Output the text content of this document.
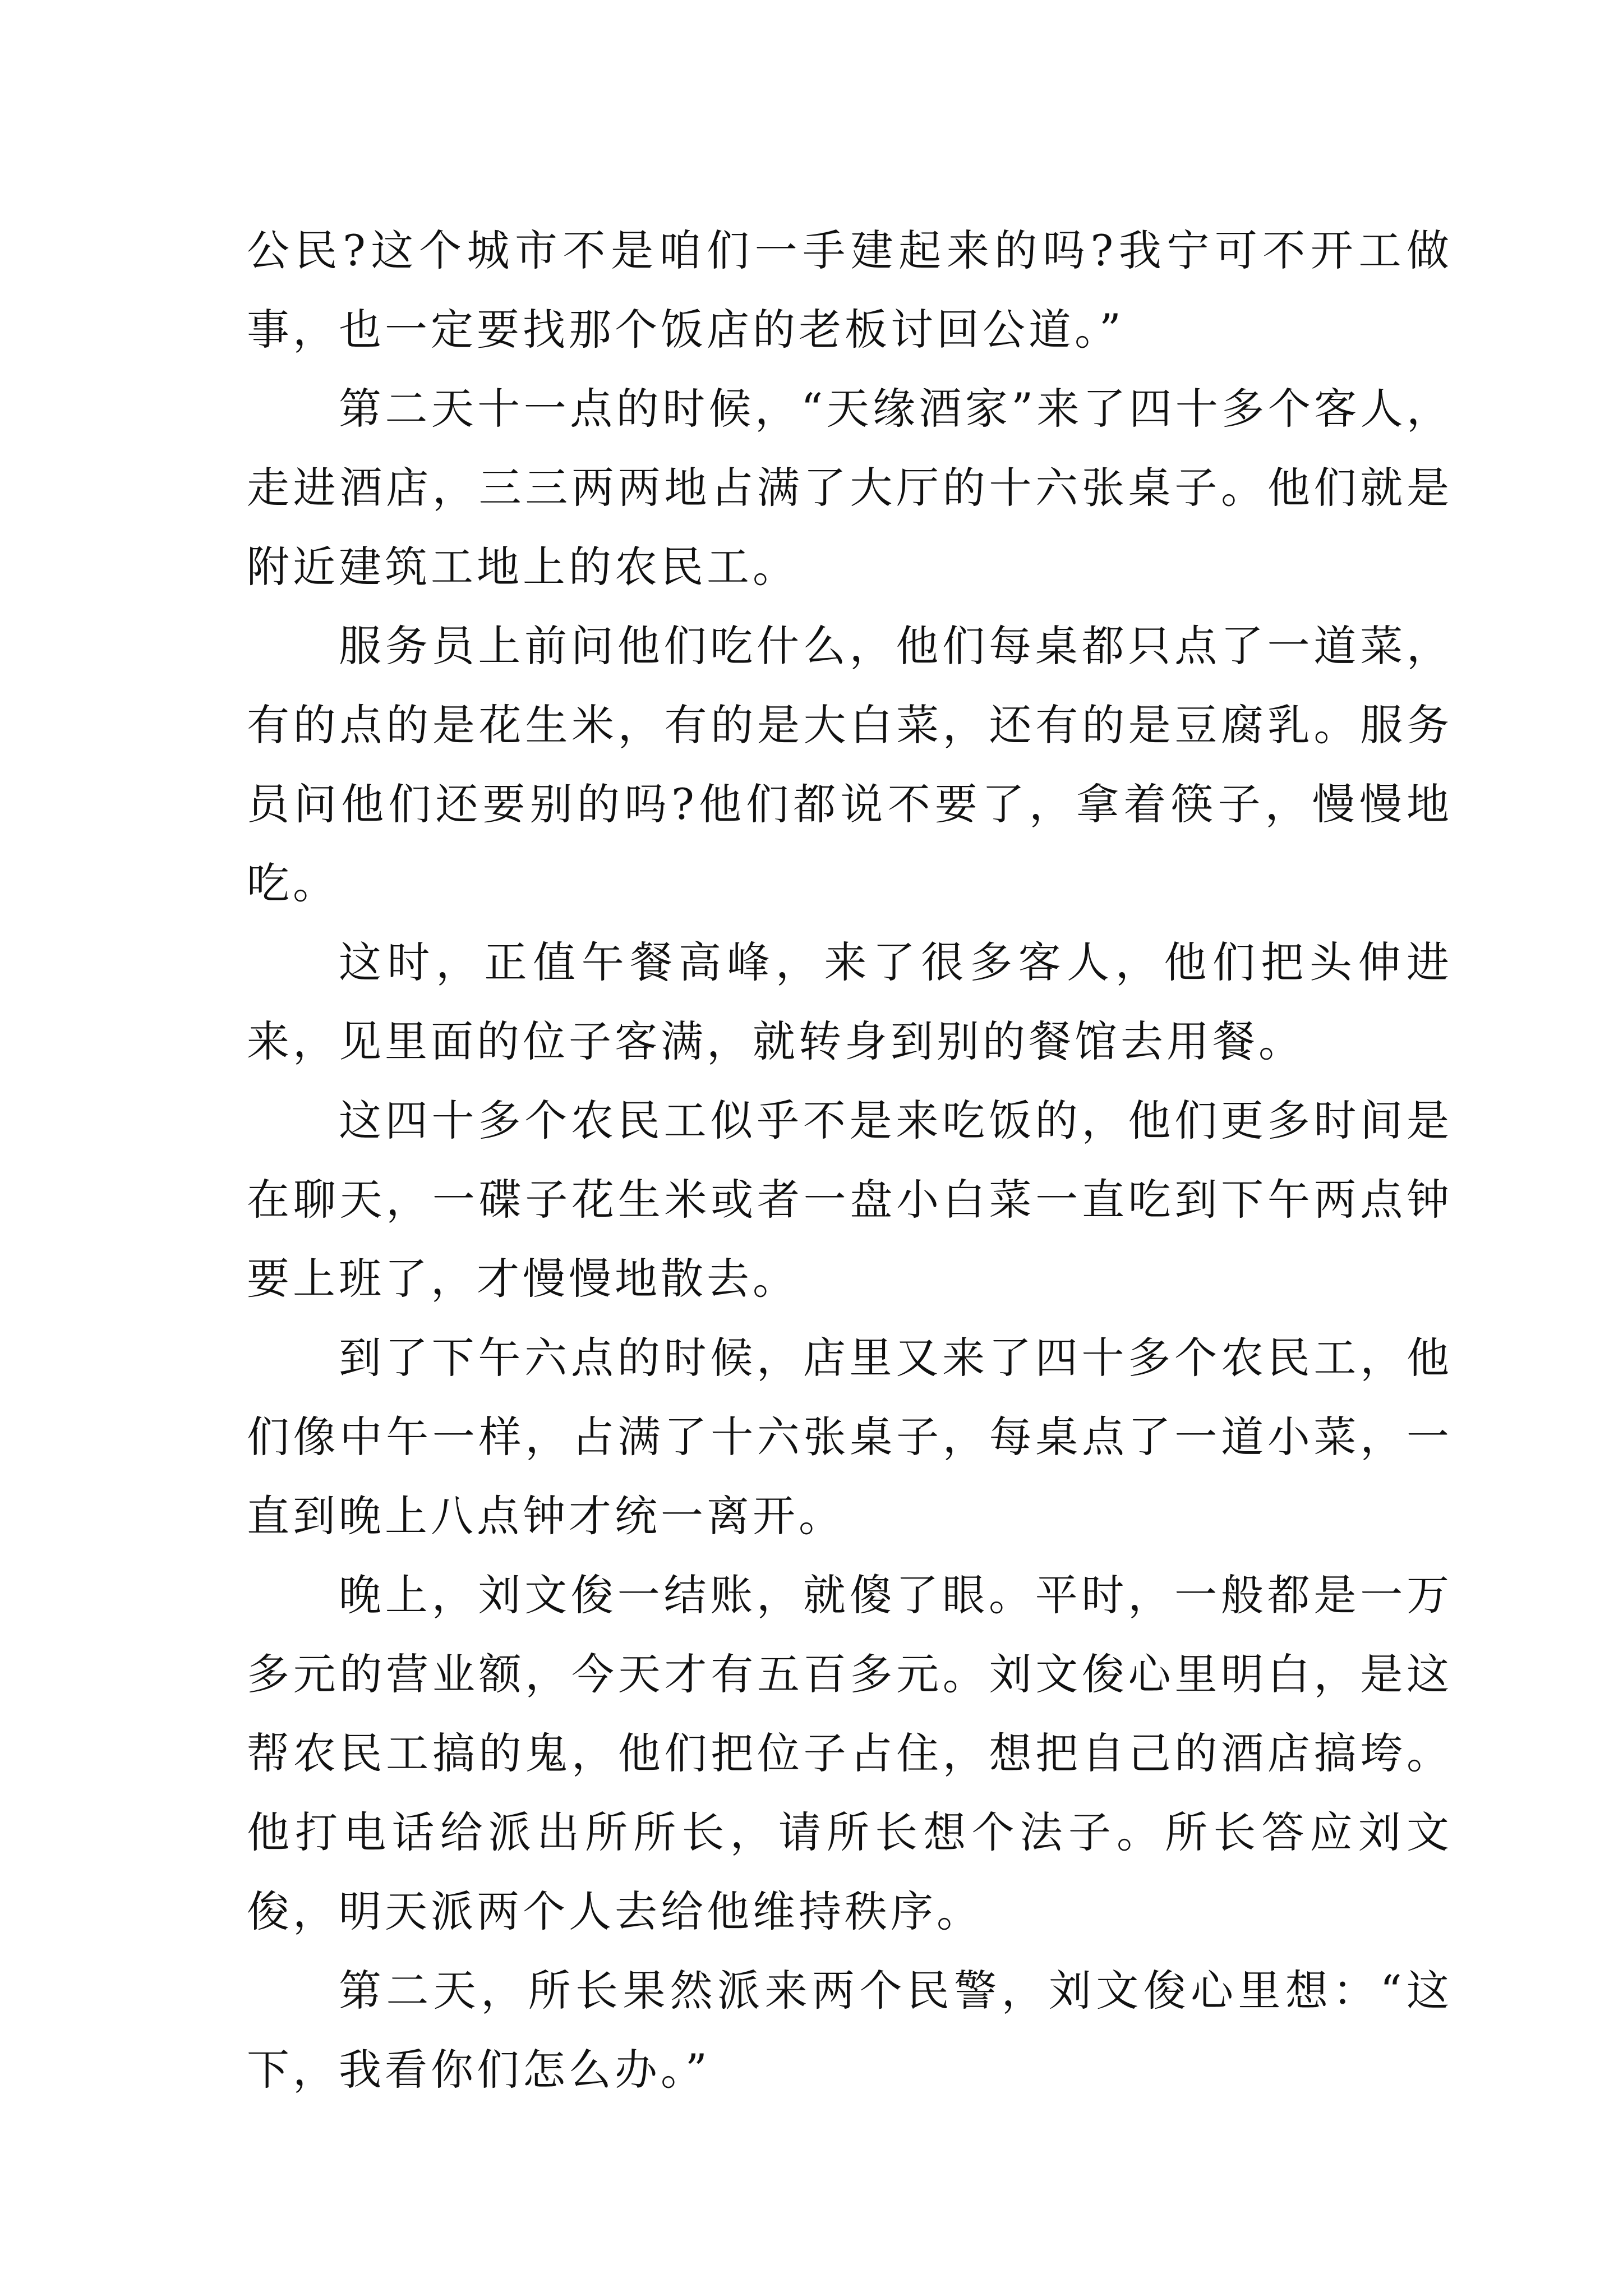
公民?这个城市不是咱们一手建起来的吗?我宁可不开工做事，也一定要找那个饭店的老板讨回公道。”

第二天十一点的时候，“天缘酒家”来了四十多个客人，走进酒店，三三两两地占满了大厅的十六张桌子。他们就是附近建筑工地上的农民工。

服务员上前问他们吃什么，他们每桌都只点了一道菜，有的点的是花生米，有的是大白菜，还有的是豆腐乳。服务员问他们还要别的吗?他们都说不要了，拿着筷子，慢慢地吃。

这时，正值午餐高峰，来了很多客人，他们把头伸进来，见里面的位子客满，就转身到别的餐馆去用餐。

这四十多个农民工似乎不是来吃饭的，他们更多时间是在聊天，一碟子花生米或者一盘小白菜一直吃到下午两点钟要上班了，才慢慢地散去。

到了下午六点的时候，店里又来了四十多个农民工，他们像中午一样，占满了十六张桌子，每桌点了一道小菜，一直到晚上八点钟才统一离开。

晚上，刘文俊一结账，就傻了眼。平时，一般都是一万多元的营业额，今天才有五百多元。刘文俊心里明白，是这帮农民工搞的鬼，他们把位子占住，想把自己的酒店搞垮。他打电话给派出所所长，请所长想个法子。所长答应刘文俊，明天派两个人去给他维持秩序。

第二天，所长果然派来两个民警，刘文俊心里想：“这下，我看你们怎么办。”
